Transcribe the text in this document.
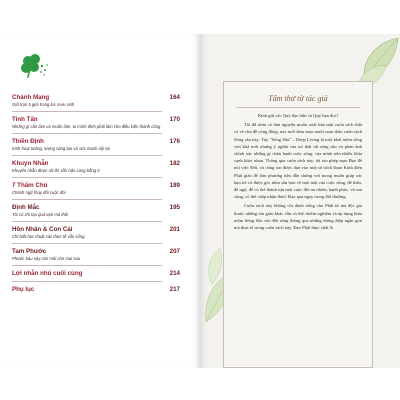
Chánh Mạng	164
Giữ trọn 5 giới trong lúc mưu sinh
Tinh Tấn	170
Những gì cần làm và muốn làm, tu mình định phải làm cho điều kiện thành công
Thiền Định	176
Kinh hoạt tưởng, lượng sáng tạo và sức mạnh nội tại
Khuyn Nhẫn	182
Khuyên nhẫn được rời thì sẵn hận cùng bằng 0
7 Thẩm Chú	189
Chánh ngữ thay đổi cuộc đời
Định Mắc	195
Tôi có chi tạo quả tạm mà thôi
Hôn Nhân & Con Cái	201
Chỉ biết học thuật các thực tế vẫn sống
Tam Phước	207
Phước báu này còn mãi cho mai sau
Lời nhắn nhủ cuối cùng	214
Phụ lục	217
Tâm thư từ tác giả

Kính gửi các Quý đạo hữu và Quý bạn đọc!

Tôi đã ươm cả tâm nguyện muốn xuất bản một cuốn sách thật có về chủ đề cộng đồng, nay mới dám mạo muội soạn thảo cuốn sách Sống sâu này. Tựy "Sống Sâu" – Deep Living là một khái niệm sống còn khá mới nhưng ý nghĩa của nó thật rất rộng sâu và phản ánh chính xác những gì chân hạnh cuộc sống, của mình nên nhiều khía cạnh khác nhau. Thông qua cuốn sách này, tôi xin phép mạo Đạo để nói việc Đời, và cũng xin được dựa vào một số trích đoạn Kinh điển Phật giáo để làm phương tiện dẫn chứng vơi mong muốn giúp các bạn trẻ có được góc nhìn sâu hơn về một mặt của cuộc sống, để thấu, để ngộ, để có thể thành tựu một cuộc đời an nhiên, hạnh phúc, và sau cùng, có thể chấp nhận được Đạo quả ngay trong đời thường.

Cuốn sách này không chỉ dành riêng cho Phật tử mà độc giả thuộc những tôn giáo khác vẫn có thể chiêm nghiệm và áp dụng khái niệm Sống Sâu vào đời sống thông qua những thông điệp ngắn gọn mà thực tế trong cuốn sách này. Đạo Phật thực chất là
